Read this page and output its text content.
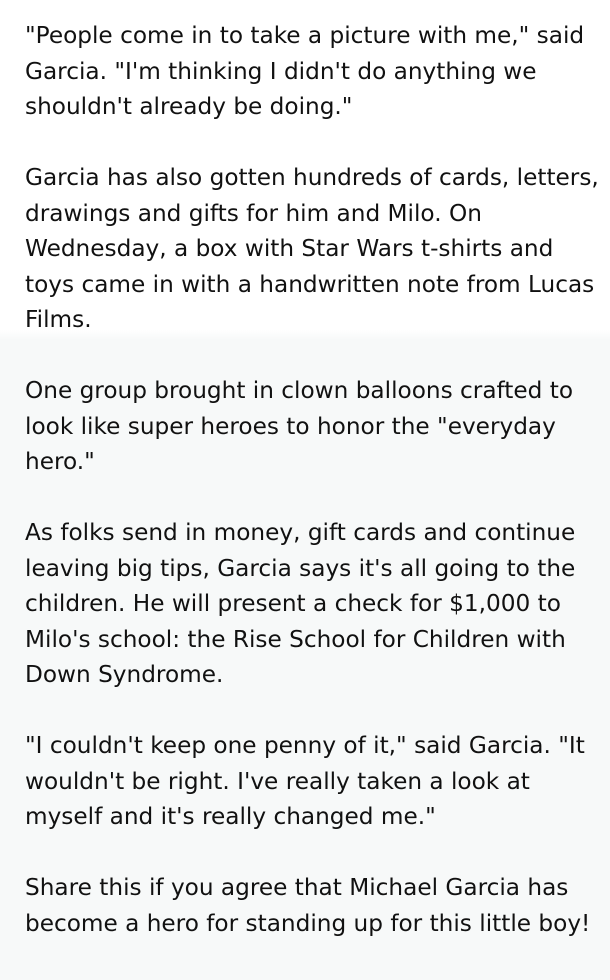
"People come in to take a picture with me," said Garcia. "I'm thinking I didn't do anything we shouldn't already be doing."

Garcia has also gotten hundreds of cards, letters, drawings and gifts for him and Milo. On Wednesday, a box with Star Wars t-shirts and toys came in with a handwritten note from Lucas Films.

One group brought in clown balloons crafted to look like super heroes to honor the "everyday hero."

As folks send in money, gift cards and continue leaving big tips, Garcia says it's all going to the children. He will present a check for $1,000 to Milo's school: the Rise School for Children with Down Syndrome.

"I couldn't keep one penny of it," said Garcia. "It wouldn't be right. I've really taken a look at myself and it's really changed me."

Share this if you agree that Michael Garcia has become a hero for standing up for this little boy!
